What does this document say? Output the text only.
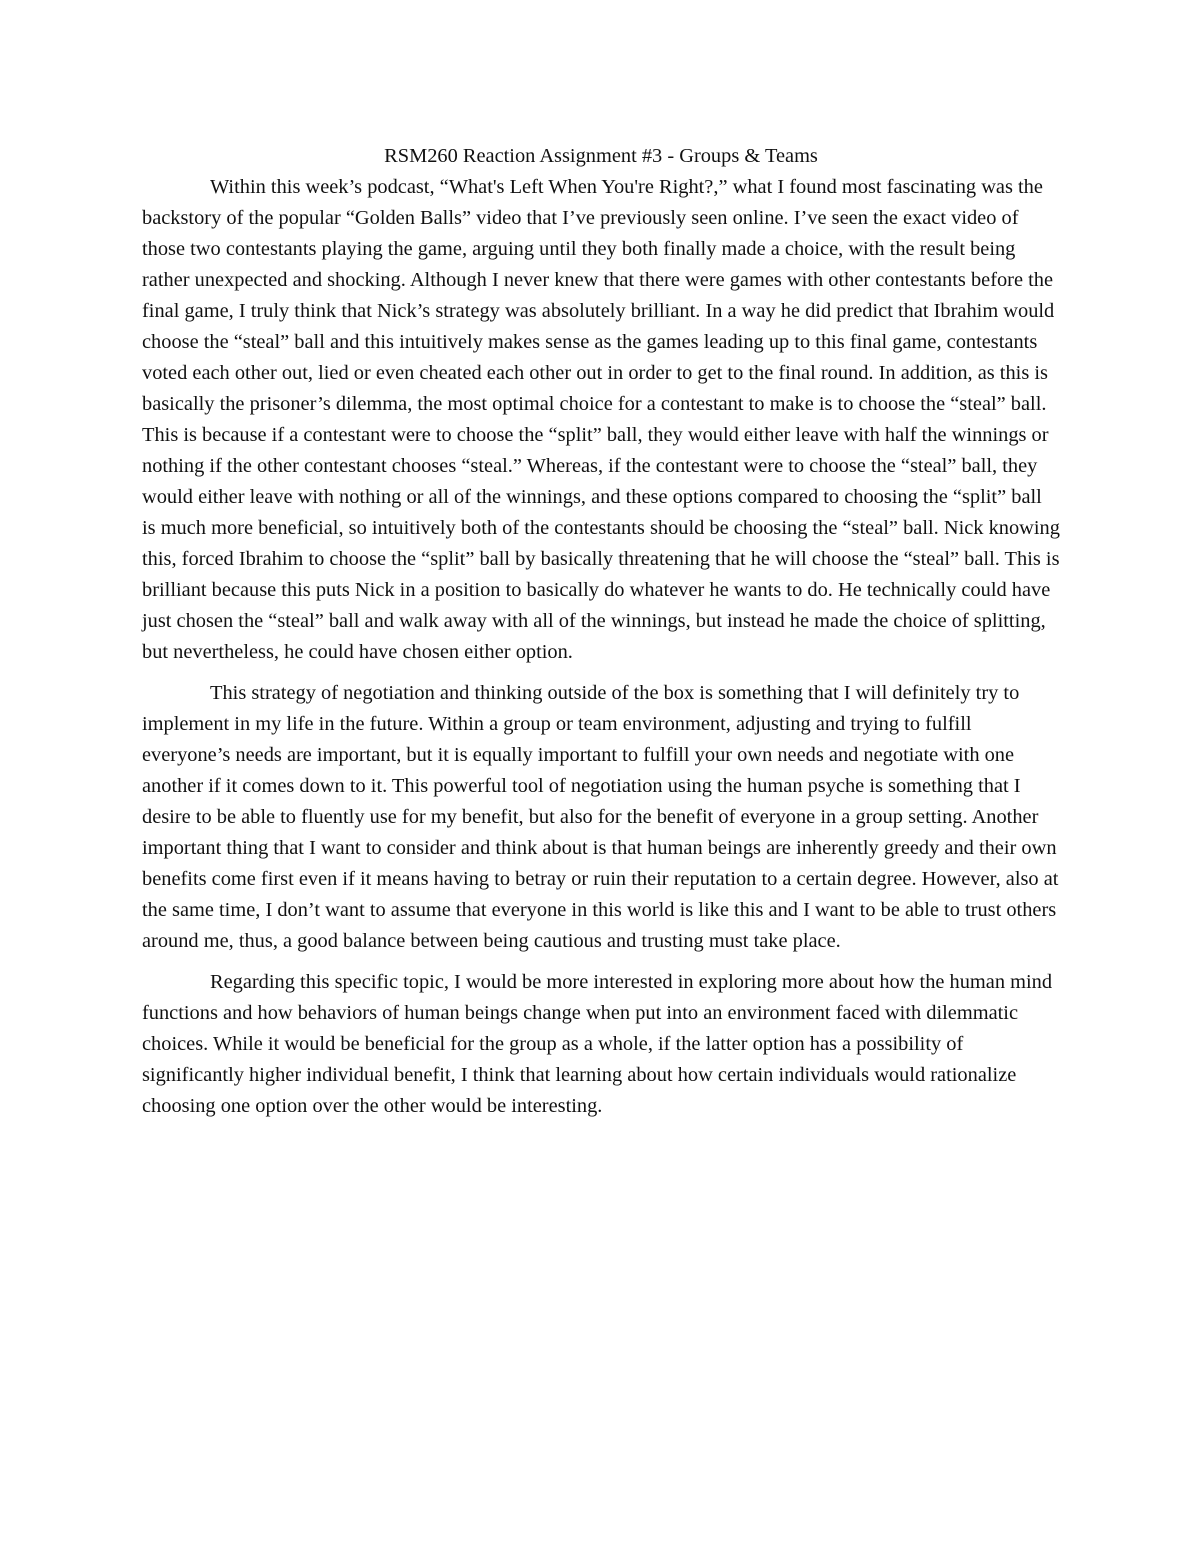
RSM260 Reaction Assignment #3 - Groups & Teams

Within this week’s podcast, “What's Left When You're Right?,” what I found most fascinating was the backstory of the popular “Golden Balls” video that I’ve previously seen online. I’ve seen the exact video of those two contestants playing the game, arguing until they both finally made a choice, with the result being rather unexpected and shocking. Although I never knew that there were games with other contestants before the final game, I truly think that Nick’s strategy was absolutely brilliant. In a way he did predict that Ibrahim would choose the “steal” ball and this intuitively makes sense as the games leading up to this final game, contestants voted each other out, lied or even cheated each other out in order to get to the final round. In addition, as this is basically the prisoner’s dilemma, the most optimal choice for a contestant to make is to choose the “steal” ball. This is because if a contestant were to choose the “split” ball, they would either leave with half the winnings or nothing if the other contestant chooses “steal.” Whereas, if the contestant were to choose the “steal” ball, they would either leave with nothing or all of the winnings, and these options compared to choosing the “split” ball is much more beneficial, so intuitively both of the contestants should be choosing the “steal” ball. Nick knowing this, forced Ibrahim to choose the “split” ball by basically threatening that he will choose the “steal” ball. This is brilliant because this puts Nick in a position to basically do whatever he wants to do. He technically could have just chosen the “steal” ball and walk away with all of the winnings, but instead he made the choice of splitting, but nevertheless, he could have chosen either option.

This strategy of negotiation and thinking outside of the box is something that I will definitely try to implement in my life in the future. Within a group or team environment, adjusting and trying to fulfill everyone’s needs are important, but it is equally important to fulfill your own needs and negotiate with one another if it comes down to it. This powerful tool of negotiation using the human psyche is something that I desire to be able to fluently use for my benefit, but also for the benefit of everyone in a group setting. Another important thing that I want to consider and think about is that human beings are inherently greedy and their own benefits come first even if it means having to betray or ruin their reputation to a certain degree. However, also at the same time, I don’t want to assume that everyone in this world is like this and I want to be able to trust others around me, thus, a good balance between being cautious and trusting must take place.

Regarding this specific topic, I would be more interested in exploring more about how the human mind functions and how behaviors of human beings change when put into an environment faced with dilemmatic choices. While it would be beneficial for the group as a whole, if the latter option has a possibility of significantly higher individual benefit, I think that learning about how certain individuals would rationalize choosing one option over the other would be interesting.
